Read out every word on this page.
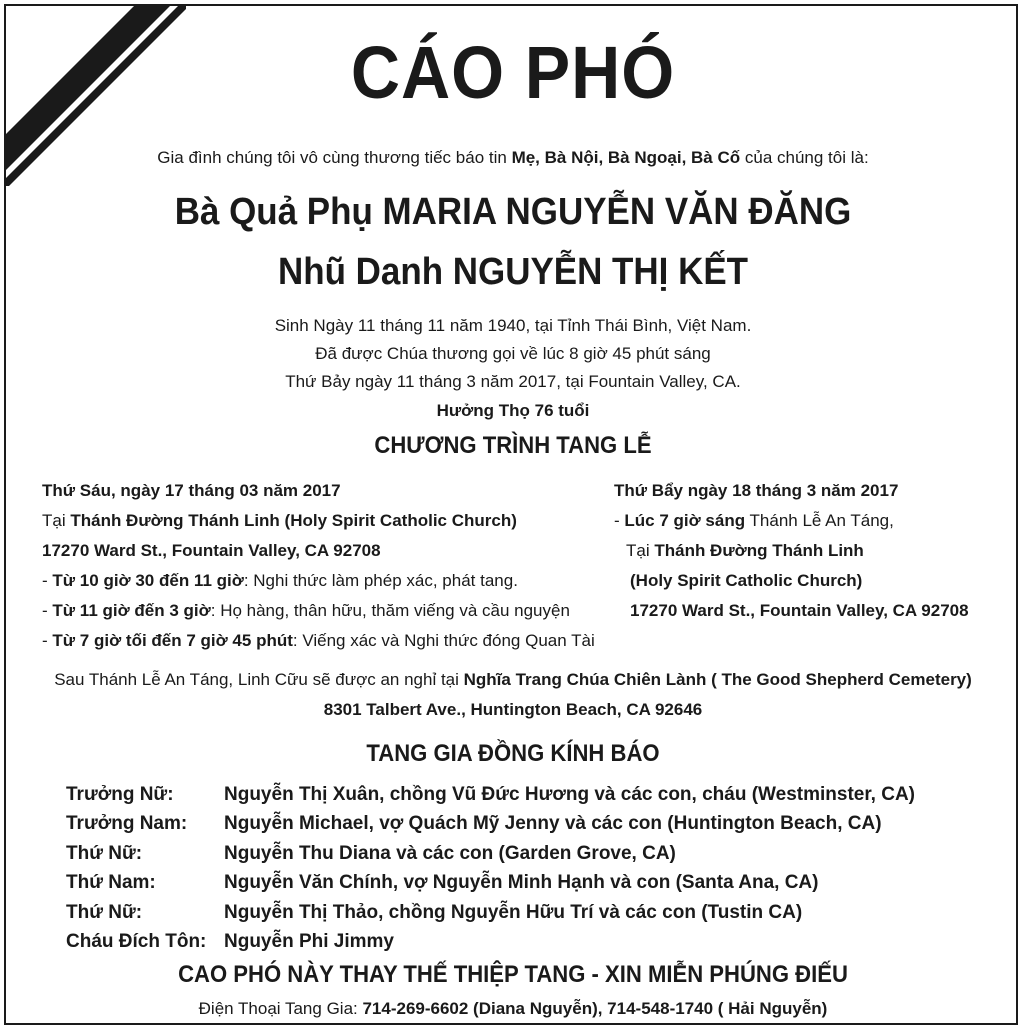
CÁO PHÓ
Gia đình chúng tôi vô cùng thương tiếc báo tin Mẹ, Bà Nội, Bà Ngoại, Bà Cố của chúng tôi là:
Bà Quả Phụ MARIA NGUYỄN VĂN ĐĂNG
Nhũ Danh NGUYỄN THỊ KẾT
Sinh Ngày 11 tháng 11 năm 1940, tại Tỉnh Thái Bình, Việt Nam.
Đã được Chúa thương gọi về lúc 8 giờ 45 phút sáng
Thứ Bảy ngày 11 tháng 3 năm 2017, tại Fountain Valley, CA.
Hưởng Thọ 76 tuổi
CHƯƠNG TRÌNH TANG LỄ
Thứ Sáu, ngày 17 tháng 03 năm 2017
Tại Thánh Đường Thánh Linh (Holy Spirit Catholic Church)
17270 Ward St., Fountain Valley, CA 92708
- Từ 10 giờ 30 đến 11 giờ: Nghi thức làm phép xác, phát tang.
- Từ 11 giờ đến 3 giờ: Họ hàng, thân hữu, thăm viếng và cầu nguyện
- Từ 7 giờ tối đến 7 giờ 45 phút: Viếng xác và Nghi thức đóng Quan Tài
Thứ Bẩy ngày 18 tháng 3 năm 2017
- Lúc 7 giờ sáng Thánh Lễ An Táng,
Tại Thánh Đường Thánh Linh
(Holy Spirit Catholic Church)
17270 Ward St., Fountain Valley, CA 92708
Sau Thánh Lễ An Táng, Linh Cữu sẽ được an nghỉ tại Nghĩa Trang Chúa Chiên Lành ( The Good Shepherd Cemetery)
8301 Talbert Ave., Huntington Beach, CA 92646
TANG GIA ĐỒNG KÍNH BÁO
Trưởng Nữ:	Nguyễn Thị Xuân, chồng Vũ Đức Hương và các con, cháu (Westminster, CA)
Trưởng Nam:	Nguyễn Michael, vợ Quách Mỹ Jenny và các con (Huntington Beach, CA)
Thứ Nữ:	Nguyễn Thu Diana và các con (Garden Grove, CA)
Thứ Nam:	Nguyễn Văn Chính, vợ Nguyễn Minh Hạnh và con (Santa Ana, CA)
Thứ Nữ:	Nguyễn Thị Thảo, chồng Nguyễn Hữu Trí và các con (Tustin CA)
Cháu Đích Tôn: Nguyễn Phi Jimmy
CAO PHÓ NÀY THAY THẾ THIỆP TANG - XIN MIỄN PHÚNG ĐIẾU
Điện Thoại Tang Gia: 714-269-6602 (Diana Nguyễn), 714-548-1740 ( Hải Nguyễn)
